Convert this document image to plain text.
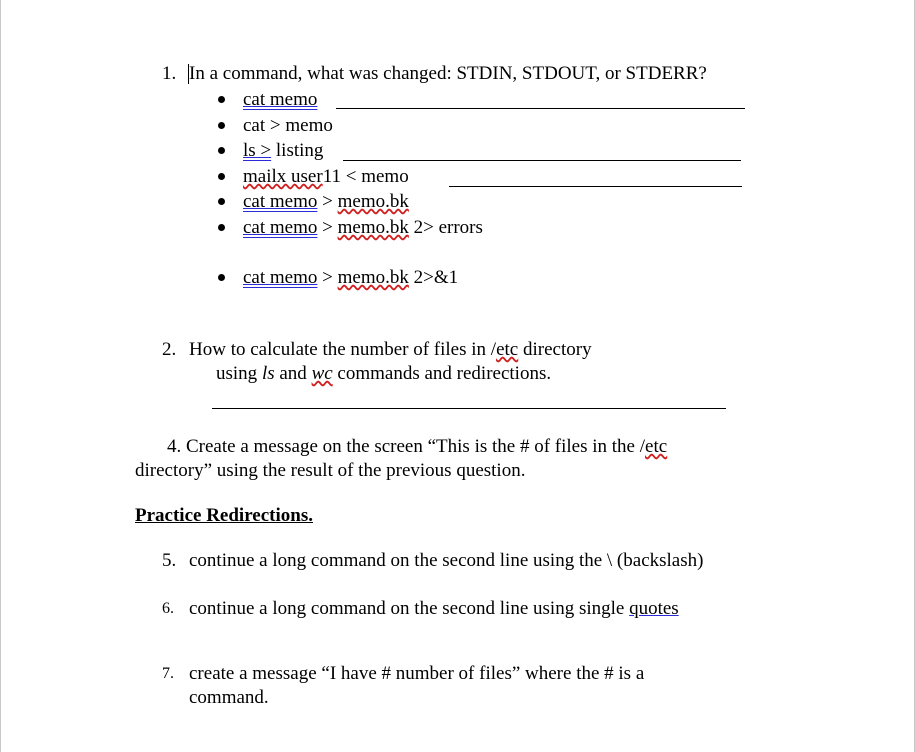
1. In a command, what was changed: STDIN, STDOUT, or STDERR?
cat memo
cat > memo
ls > listing
mailx user11 < memo
cat memo > memo.bk
cat memo > memo.bk 2> errors
cat memo > memo.bk 2>&1
2. How to calculate the number of files in /etc directory
using ls and wc commands and redirections.
4. Create a message on the screen “This is the # of files in the /etc
directory” using the result of the previous question.
Practice Redirections.
5. continue a long command on the second line using the \ (backslash)
6. continue a long command on the second line using single quotes
7. create a message “I have # number of files” where the # is a
command.
